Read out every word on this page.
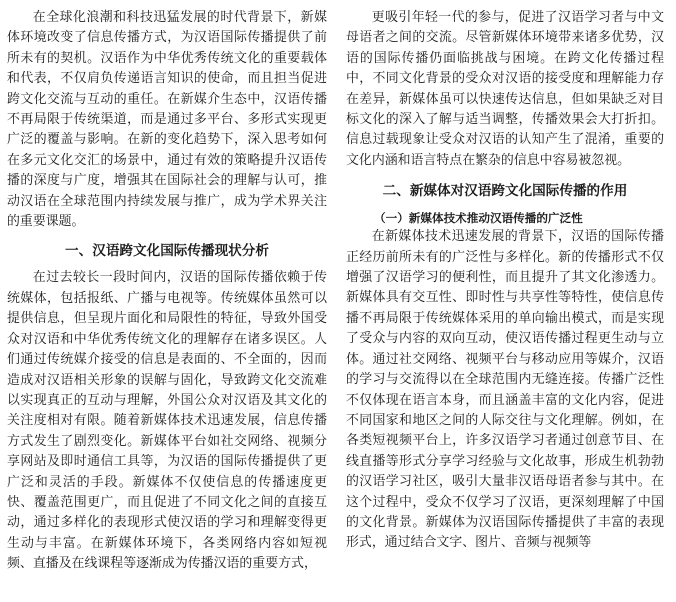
在全球化浪潮和科技迅猛发展的时代背景下，新媒体环境改变了信息传播方式，为汉语国际传播提供了前所未有的契机。汉语作为中华优秀传统文化的重要载体和代表，不仅肩负传递语言知识的使命，而且担当促进跨文化交流与互动的重任。在新媒介生态中，汉语传播不再局限于传统渠道，而是通过多平台、多形式实现更广泛的覆盖与影响。在新的变化趋势下，深入思考如何在多元文化交汇的场景中，通过有效的策略提升汉语传播的深度与广度，增强其在国际社会的理解与认可，推动汉语在全球范围内持续发展与推广，成为学术界关注的重要课题。

一、汉语跨文化国际传播现状分析

在过去较长一段时间内，汉语的国际传播依赖于传统媒体，包括报纸、广播与电视等。传统媒体虽然可以提供信息，但呈现片面化和局限性的特征，导致外国受众对汉语和中华优秀传统文化的理解存在诸多误区。人们通过传统媒介接受的信息是表面的、不全面的，因而造成对汉语相关形象的误解与固化，导致跨文化交流难以实现真正的互动与理解，外国公众对汉语及其文化的关注度相对有限。随着新媒体技术迅速发展，信息传播方式发生了剧烈变化。新媒体平台如社交网络、视频分享网站及即时通信工具等，为汉语的国际传播提供了更广泛和灵活的手段。新媒体不仅使信息的传播速度更快、覆盖范围更广，而且促进了不同文化之间的直接互动，通过多样化的表现形式使汉语的学习和理解变得更生动与丰富。在新媒体环境下，各类网络内容如短视频、直播及在线课程等逐渐成为传播汉语的重要方式，

更吸引年轻一代的参与，促进了汉语学习者与中文母语者之间的交流。尽管新媒体环境带来诸多优势，汉语的国际传播仍面临挑战与困境。在跨文化传播过程中，不同文化背景的受众对汉语的接受度和理解能力存在差异，新媒体虽可以快速传达信息，但如果缺乏对目标文化的深入了解与适当调整，传播效果会大打折扣。信息过载现象让受众对汉语的认知产生了混淆，重要的文化内涵和语言特点在繁杂的信息中容易被忽视。

二、新媒体对汉语跨文化国际传播的作用
（一）新媒体技术推动汉语传播的广泛性

在新媒体技术迅速发展的背景下，汉语的国际传播正经历前所未有的广泛性与多样化。新的传播形式不仅增强了汉语学习的便利性，而且提升了其文化渗透力。新媒体具有交互性、即时性与共享性等特性，使信息传播不再局限于传统媒体采用的单向输出模式，而是实现了受众与内容的双向互动，使汉语传播过程更生动与立体。通过社交网络、视频平台与移动应用等媒介，汉语的学习与交流得以在全球范围内无缝连接。传播广泛性不仅体现在语言本身，而且涵盖丰富的文化内容，促进不同国家和地区之间的人际交往与文化理解。例如，在各类短视频平台上，许多汉语学习者通过创意节目、在线直播等形式分享学习经验与文化故事，形成生机勃勃的汉语学习社区，吸引大量非汉语母语者参与其中。在这个过程中，受众不仅学习了汉语，更深刻理解了中国的文化背景。新媒体为汉语国际传播提供了丰富的表现形式，通过结合文字、图片、音频与视频等
